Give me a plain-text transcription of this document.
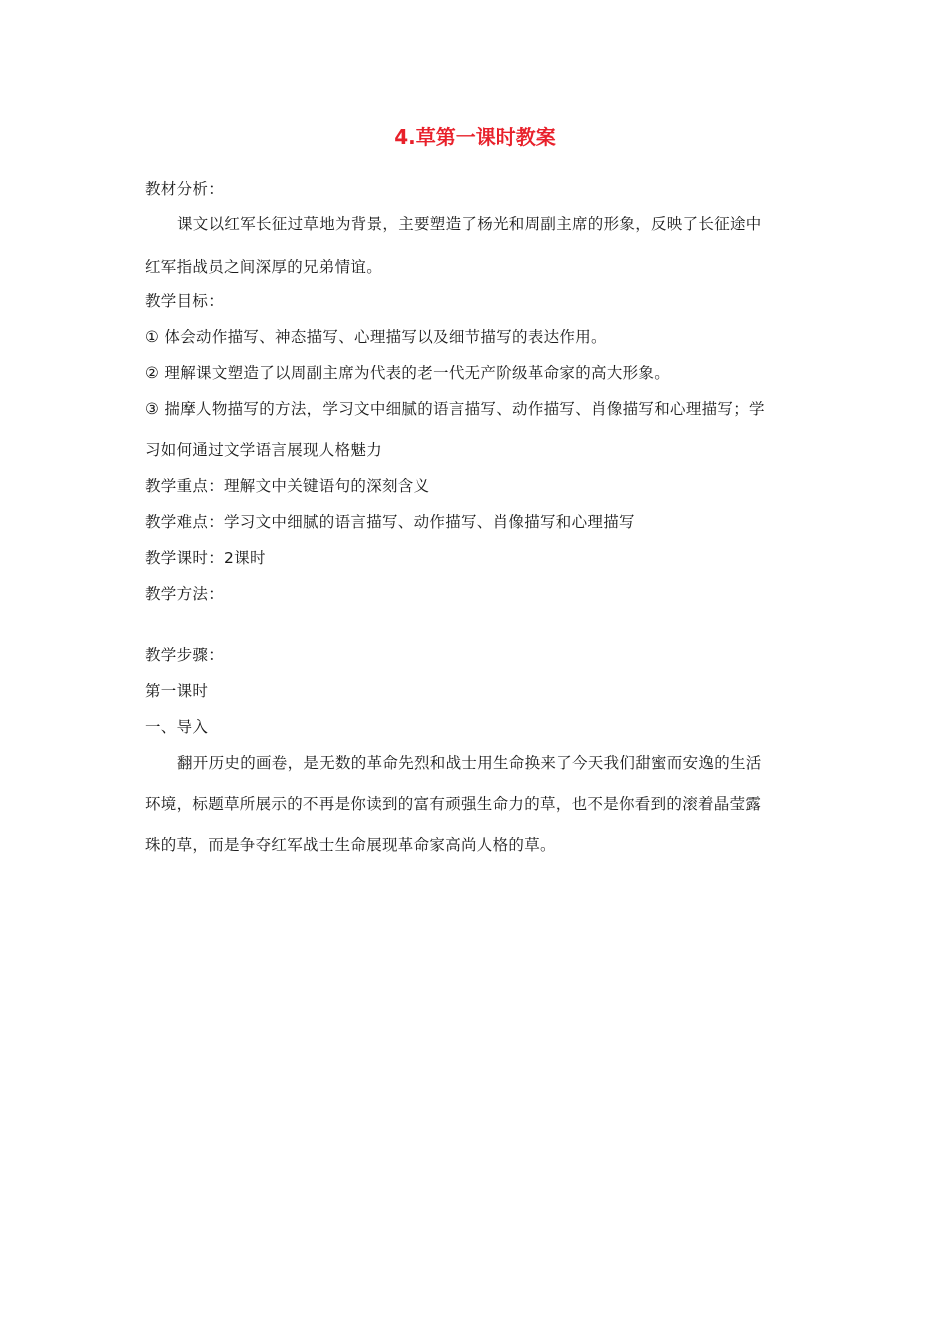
4.草第一课时教案
教材分析：
课文以红军长征过草地为背景，主要塑造了杨光和周副主席的形象，反映了长征途中
红军指战员之间深厚的兄弟情谊。
教学目标：
① 体会动作描写、神态描写、心理描写以及细节描写的表达作用。
② 理解课文塑造了以周副主席为代表的老一代无产阶级革命家的高大形象。
③ 揣摩人物描写的方法，学习文中细腻的语言描写、动作描写、肖像描写和心理描写；学
习如何通过文学语言展现人格魅力
教学重点：理解文中关键语句的深刻含义
教学难点：学习文中细腻的语言描写、动作描写、肖像描写和心理描写
教学课时：2课时
教学方法：
教学步骤：
第一课时
一、导入
翻开历史的画卷，是无数的革命先烈和战士用生命换来了今天我们甜蜜而安逸的生活
环境，标题草所展示的不再是你读到的富有顽强生命力的草，也不是你看到的滚着晶莹露
珠的草，而是争夺红军战士生命展现革命家高尚人格的草。
